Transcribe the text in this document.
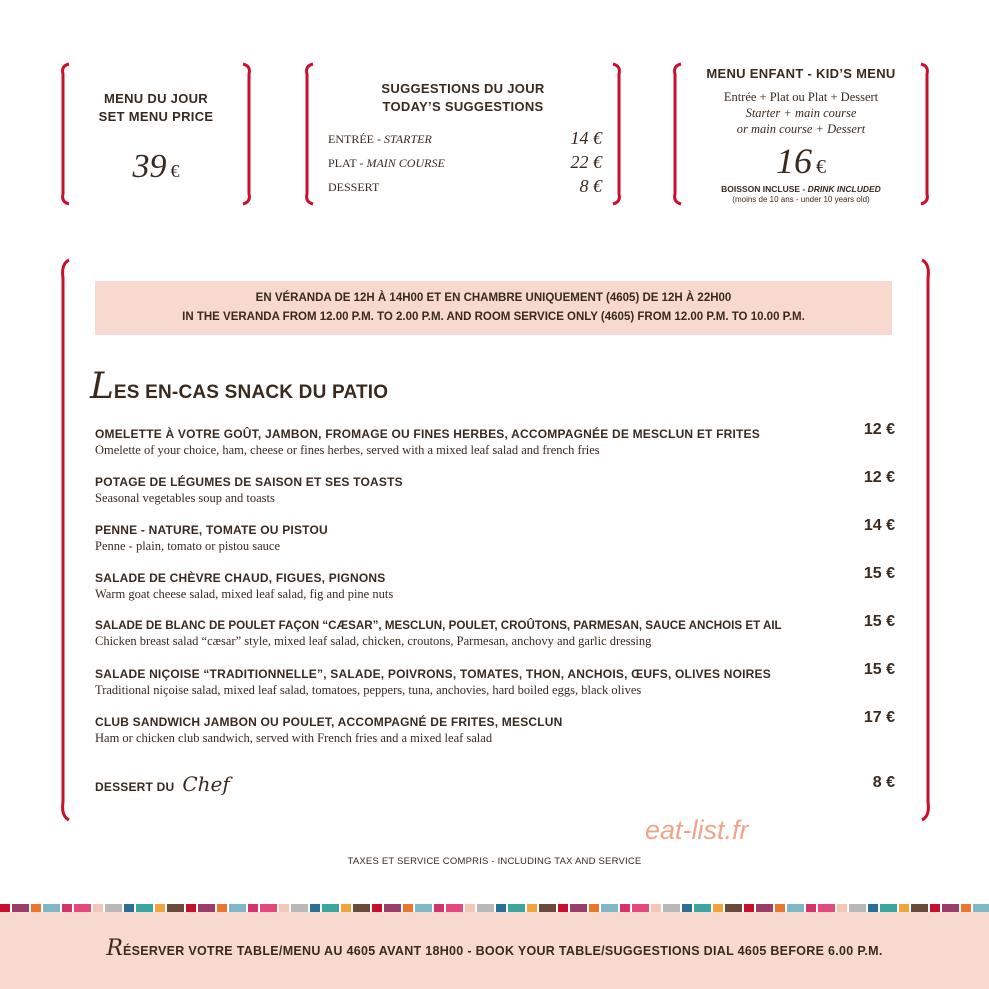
MENU DU JOUR
SET MENU PRICE
39 €
SUGGESTIONS DU JOUR
TODAY’S SUGGESTIONS
ENTRÉE - STARTER	14 €
PLAT - MAIN COURSE	22 €
DESSERT	8 €
MENU ENFANT - KID’S MENU
Entrée + Plat ou Plat + Dessert
Starter + main course
or main course + Dessert
16 €
BOISSON INCLUSE - DRINK INCLUDED
(moins de 10 ans - under 10 years old)
EN VÉRANDA DE 12H À 14H00 ET EN CHAMBRE UNIQUEMENT (4605) DE 12H À 22H00
IN THE VERANDA FROM 12.00 P.M. TO 2.00 P.M. AND ROOM SERVICE ONLY (4605) FROM 12.00 P.M. TO 10.00 P.M.
LES EN-CAS SNACK DU PATIO
OMELETTE À VOTRE GOÛT, JAMBON, FROMAGE OU FINES HERBES, ACCOMPAGNÉE DE MESCLUN ET FRITES
Omelette of your choice, ham, cheese or fines herbes, served with a mixed leaf salad and french fries
12 €
POTAGE DE LÉGUMES DE SAISON ET SES TOASTS
Seasonal vegetables soup and toasts
12 €
PENNE - NATURE, TOMATE OU PISTOU
Penne - plain, tomato or pistou sauce
14 €
SALADE DE CHÈVRE CHAUD, FIGUES, PIGNONS
Warm goat cheese salad, mixed leaf salad, fig and pine nuts
15 €
SALADE DE BLANC DE POULET FAÇON “CÆSAR”, MESCLUN, POULET, CROÛTONS, PARMESAN, SAUCE ANCHOIS ET AIL
Chicken breast salad “cæsar” style, mixed leaf salad, chicken, croutons, Parmesan, anchovy and garlic dressing
15 €
SALADE NIÇOISE “TRADITIONNELLE”, SALADE, POIVRONS, TOMATES, THON, ANCHOIS, ŒUFS, OLIVES NOIRES
Traditional niçoise salad, mixed leaf salad, tomatoes, peppers, tuna, anchovies, hard boiled eggs, black olives
15 €
CLUB SANDWICH JAMBON OU POULET, ACCOMPAGNÉ DE FRITES, MESCLUN
Ham or chicken club sandwich, served with French fries and a mixed leaf salad
17 €
DESSERT DU Chef	8 €
eat-list.fr
TAXES ET SERVICE COMPRIS - INCLUDING TAX AND SERVICE
RÉSERVER VOTRE TABLE/MENU AU 4605 AVANT 18H00 - BOOK YOUR TABLE/SUGGESTIONS DIAL 4605 BEFORE 6.00 P.M.
